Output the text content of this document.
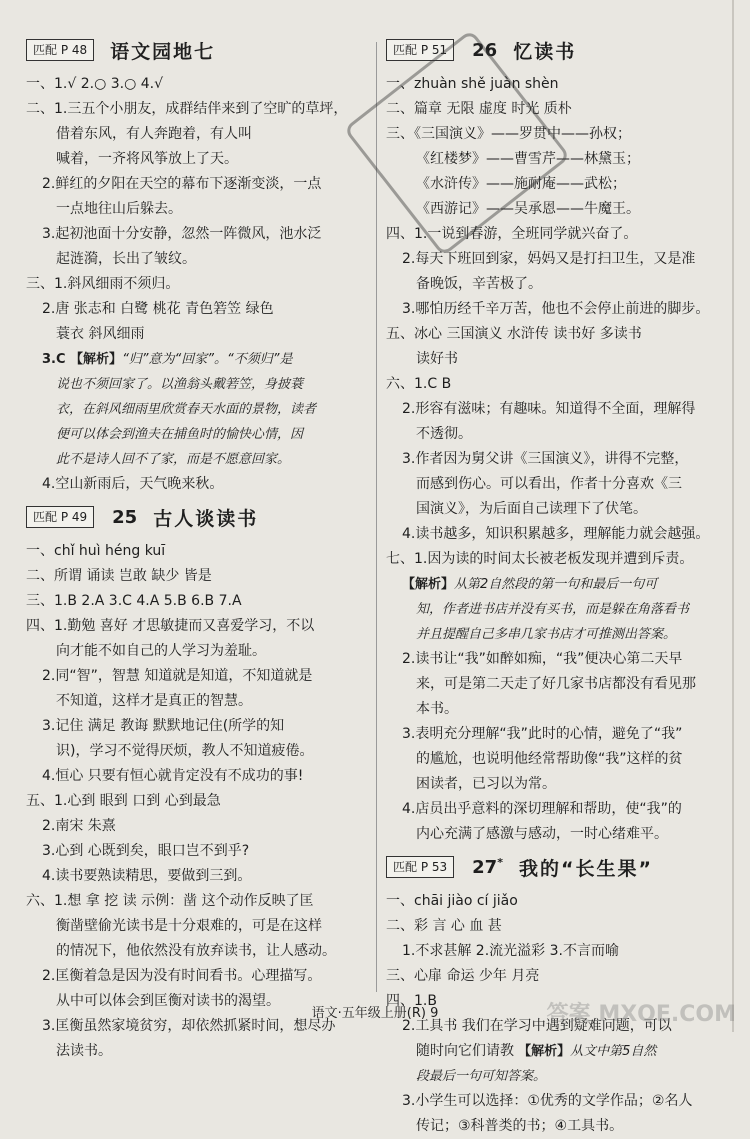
匹配 P 48	语文园地七
一、1.√ 2.○ 3.○ 4.√
二、1.三五个小朋友，成群结伴来到了空旷的草坪，
借着东风，有人奔跑着，有人叫
喊着，一齐将风筝放上了天。
2.鲜红的夕阳在天空的幕布下逐渐变淡，一点
一点地往山后躲去。
3.起初池面十分安静，忽然一阵微风，池水泛
起涟漪，长出了皱纹。
三、1.斜风细雨不须归。
2.唐 张志和 白鹭 桃花 青色箬笠 绿色
蓑衣 斜风细雨
3.C 【解析】“归”意为“回家”。“不须归”是
说也不须回家了。以渔翁头戴箬笠，身披蓑
衣，在斜风细雨里欣赏春天水面的景物，读者
便可以体会到渔夫在捕鱼时的愉快心情，因
此不是诗人回不了家，而是不愿意回家。
4.空山新雨后，天气晚来秋。
匹配 P 49	25 古人谈读书
一、chǐ huì héng kuī
二、所谓 诵读 岂敢 缺少 皆是
三、1.B 2.A 3.C 4.A 5.B 6.B 7.A
四、1.勤勉 喜好 才思敏捷而又喜爱学习，不以
向才能不如自己的人学习为羞耻。
2.同“智”，智慧 知道就是知道，不知道就是
不知道，这样才是真正的智慧。
3.记住 满足 教诲 默默地记住(所学的知
识)，学习不觉得厌烦，教人不知道疲倦。
4.恒心 只要有恒心就肯定没有不成功的事!
五、1.心到 眼到 口到 心到最急
2.南宋 朱熹
3.心到 心既到矣，眼口岂不到乎?
4.读书要熟读精思，要做到三到。
六、1.想 拿 挖 读 示例：凿 这个动作反映了匡
衡凿壁偷光读书是十分艰难的，可是在这样
的情况下，他依然没有放弃读书，让人感动。
2.匡衡着急是因为没有时间看书。心理描写。
从中可以体会到匡衡对读书的渴望。
3.匡衡虽然家境贫穷，却依然抓紧时间，想尽办
法读书。
匹配 P 51	26 忆读书
一、zhuàn shě juàn shèn
二、篇章 无限 虚度 时光 质朴
三、《三国演义》——罗贯中——孙权；
《红楼梦》——曹雪芹——林黛玉；
《水浒传》——施耐庵——武松；
《西游记》——吴承恩——牛魔王。
四、1.一说到春游，全班同学就兴奋了。
2.每天下班回到家，妈妈又是打扫卫生，又是准
备晚饭，辛苦极了。
3.哪怕历经千辛万苦，他也不会停止前进的脚步。
五、冰心 三国演义 水浒传 读书好 多读书
读好书
六、1.C B
2.形容有滋味；有趣味。知道得不全面，理解得
不透彻。
3.作者因为舅父讲《三国演义》，讲得不完整，
而感到伤心。可以看出，作者十分喜欢《三
国演义》，为后面自己读理下了伏笔。
4.读书越多，知识积累越多，理解能力就会越强。
七、1.因为读的时间太长被老板发现并遭到斥责。
【解析】从第2自然段的第一句和最后一句可
知，作者进书店并没有买书，而是躲在角落看书
并且提醒自己多串几家书店才可推测出答案。
2.读书让“我”如醉如痴，“我”便决心第二天早
来，可是第二天走了好几家书店都没有看见那
本书。
3.表明充分理解“我”此时的心情，避免了“我”
的尴尬，也说明他经常帮助像“我”这样的贫
困读者，已习以为常。
4.店员出乎意料的深切理解和帮助，使“我”的
内心充满了感激与感动，一时心绪难平。
匹配 P 53	27* 我的“长生果”
一、chāi jiào cí jiǎo
二、彩 言 心 血 甚
1.不求甚解 2.流光溢彩 3.不言而喻
三、心扉 命运 少年 月亮
四、1.B
2.工具书 我们在学习中遇到疑难问题，可以
随时向它们请教 【解析】从文中第5自然
段最后一句可知答案。
3.小学生可以选择：①优秀的文学作品；②名人
传记；③科普类的书；④工具书。
语文·五年级上册(R) 9	答案 MXQE.COM
